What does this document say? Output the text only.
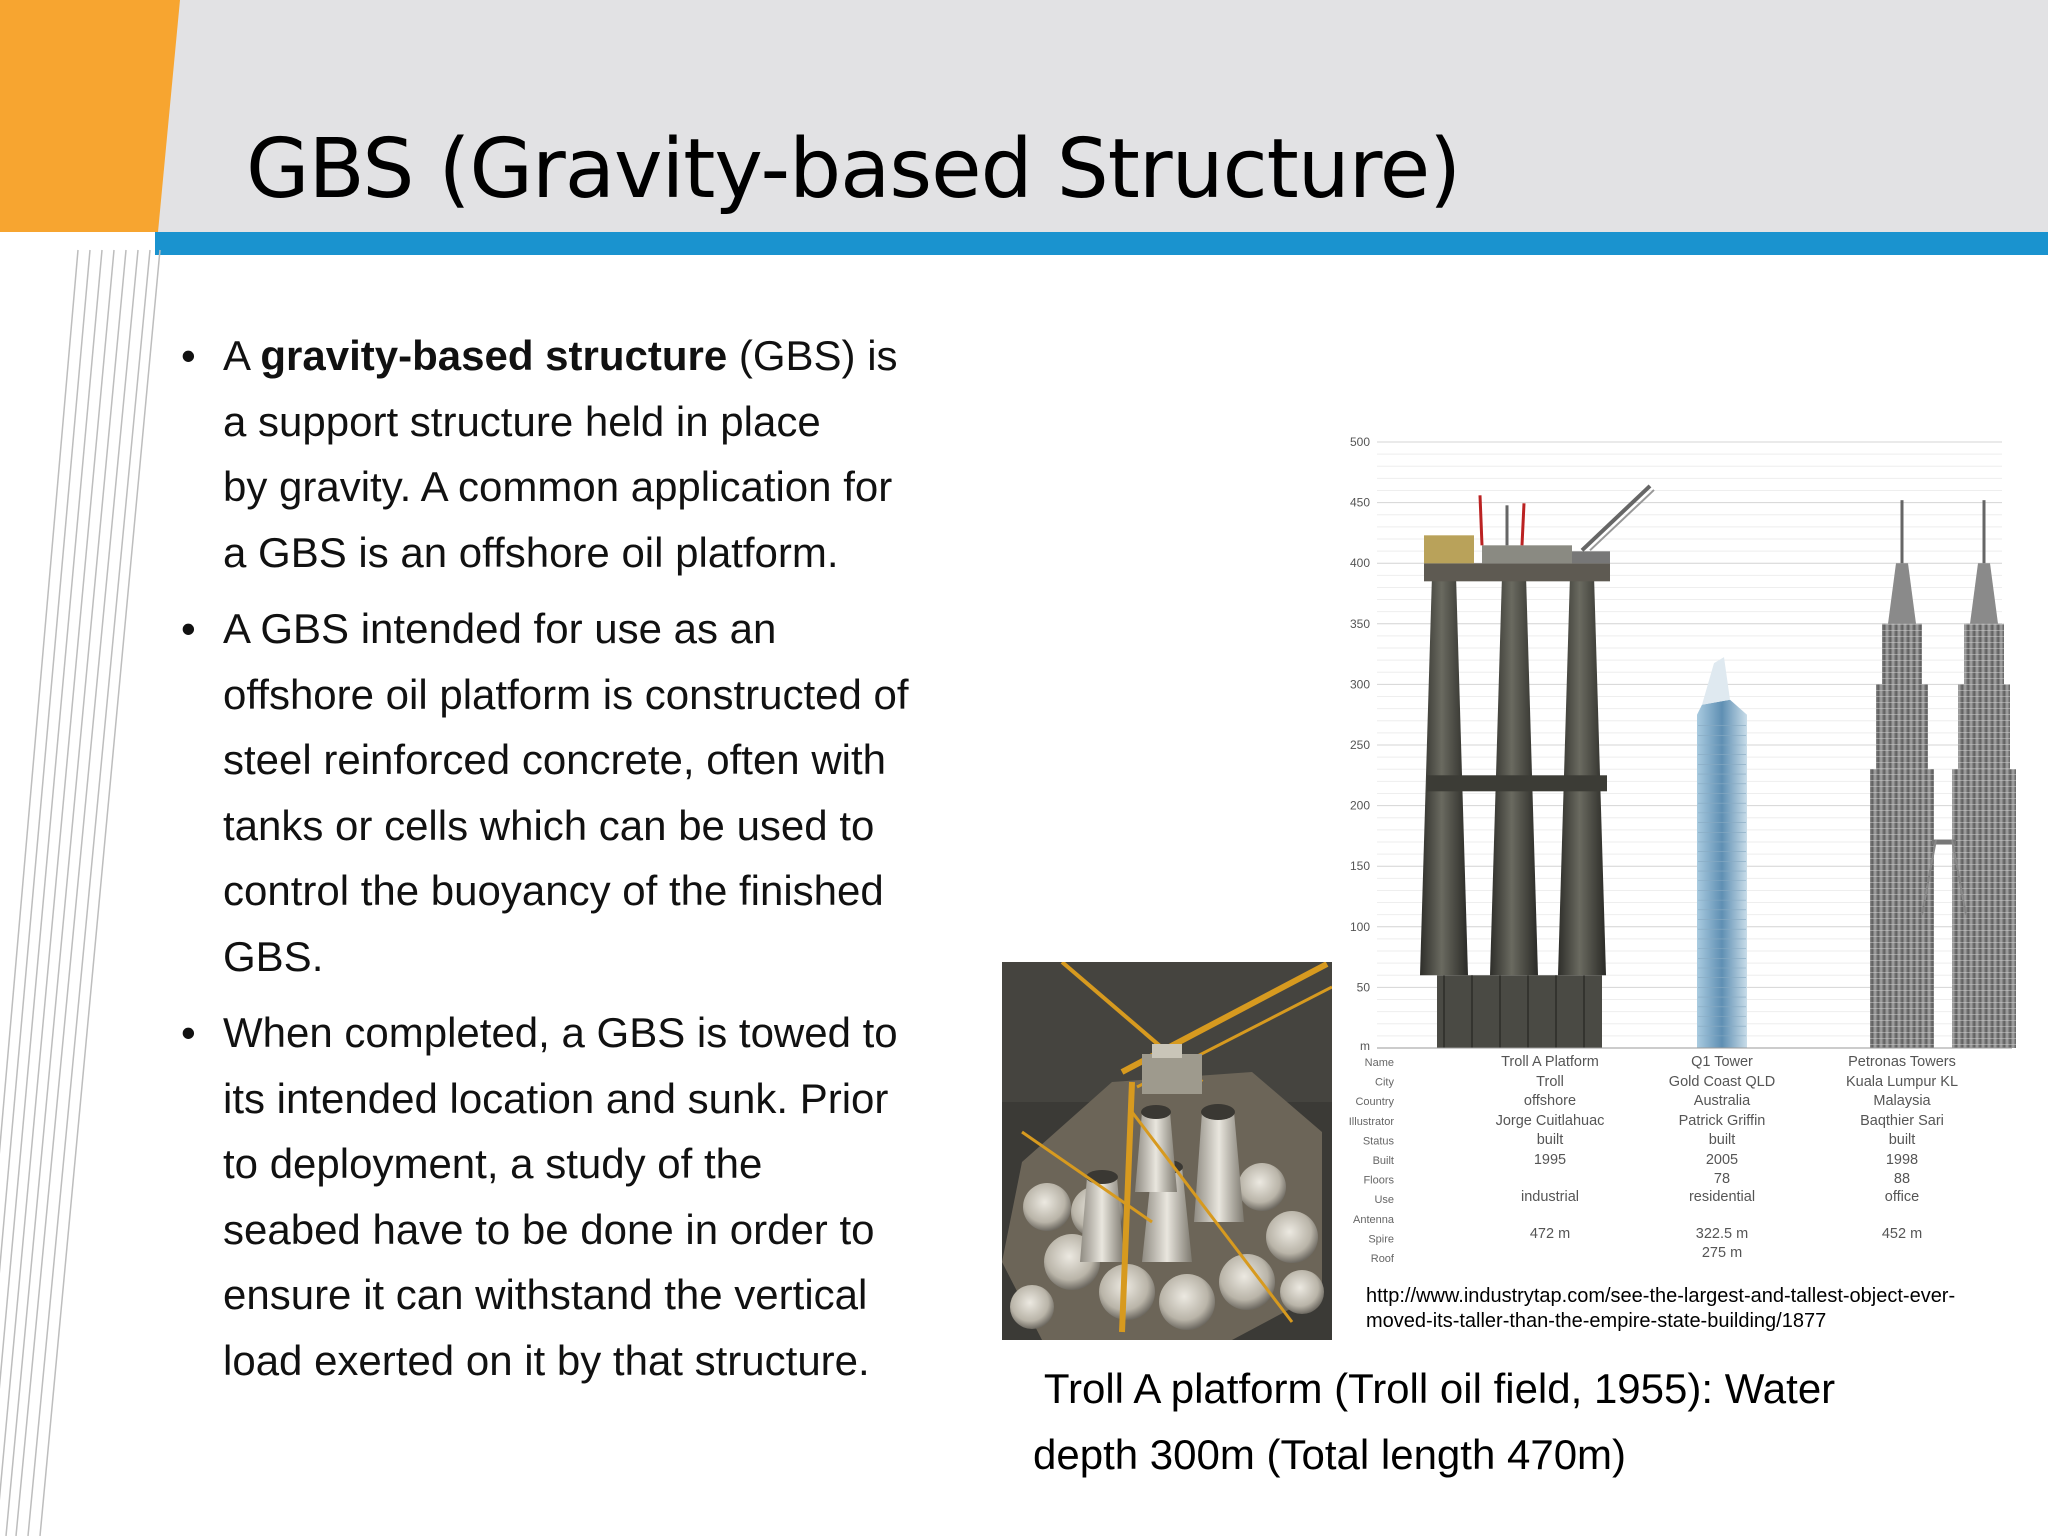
GBS (Gravity-based Structure)
• A gravity-based structure (GBS) is
a support structure held in place
by gravity. A common application for
a GBS is an offshore oil platform.
• A GBS intended for use as an
offshore oil platform is constructed of
steel reinforced concrete, often with
tanks or cells which can be used to
control the buoyancy of the finished
GBS.
• When completed, a GBS is towed to
its intended location and sunk. Prior
to deployment, a study of the
seabed have to be done in order to
ensure it can withstand the vertical
load exerted on it by that structure.
500
450
400
350
300
250
200
150
100
50
m
Name
City
Country
Illustrator
Status
Built
Floors
Use
Antenna
Spire
Roof
Troll A Platform
Troll
offshore
Jorge Cuitlahuac
built
1995
industrial
472 m
Q1 Tower
Gold Coast QLD
Australia
Patrick Griffin
built
2005
78
residential
322.5 m
275 m
Petronas Towers
Kuala Lumpur KL
Malaysia
Baqthier Sari
built
1998
88
office
452 m
http://www.industrytap.com/see-the-largest-and-tallest-object-ever-
moved-its-taller-than-the-empire-state-building/1877
Troll A platform (Troll oil field, 1955): Water
depth 300m (Total length 470m)
